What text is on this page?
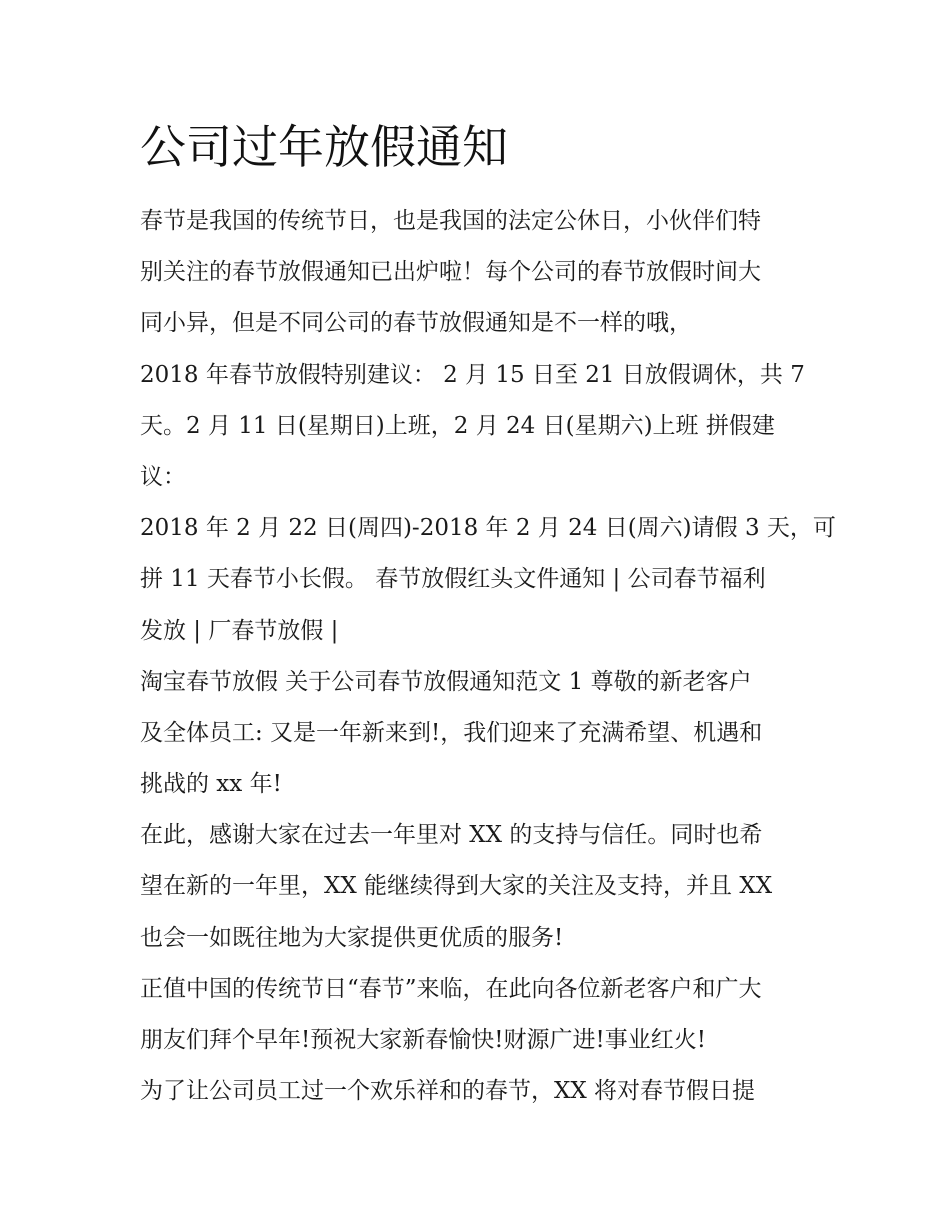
公司过年放假通知
春节是我国的传统节日，也是我国的法定公休日，小伙伴们特
别关注的春节放假通知已出炉啦！每个公司的春节放假时间大
同小异，但是不同公司的春节放假通知是不一样的哦，
2018 年春节放假特别建议： 2 月 15 日至 21 日放假调休，共 7
天。2 月 11 日(星期日)上班，2 月 24 日(星期六)上班 拼假建
议：
2018 年 2 月 22 日(周四)-2018 年 2 月 24 日(周六)请假 3 天，可
拼 11 天春节小长假。 春节放假红头文件通知 | 公司春节福利
发放 | 厂春节放假 |
淘宝春节放假 关于公司春节放假通知范文 1 尊敬的新老客户
及全体员工: 又是一年新来到!，我们迎来了充满希望、机遇和
挑战的 xx 年!
在此，感谢大家在过去一年里对 XX 的支持与信任。同时也希
望在新的一年里，XX 能继续得到大家的关注及支持，并且 XX
也会一如既往地为大家提供更优质的服务!
正值中国的传统节日“春节”来临，在此向各位新老客户和广大
朋友们拜个早年!预祝大家新春愉快!财源广进!事业红火!
为了让公司员工过一个欢乐祥和的春节，XX 将对春节假日提
